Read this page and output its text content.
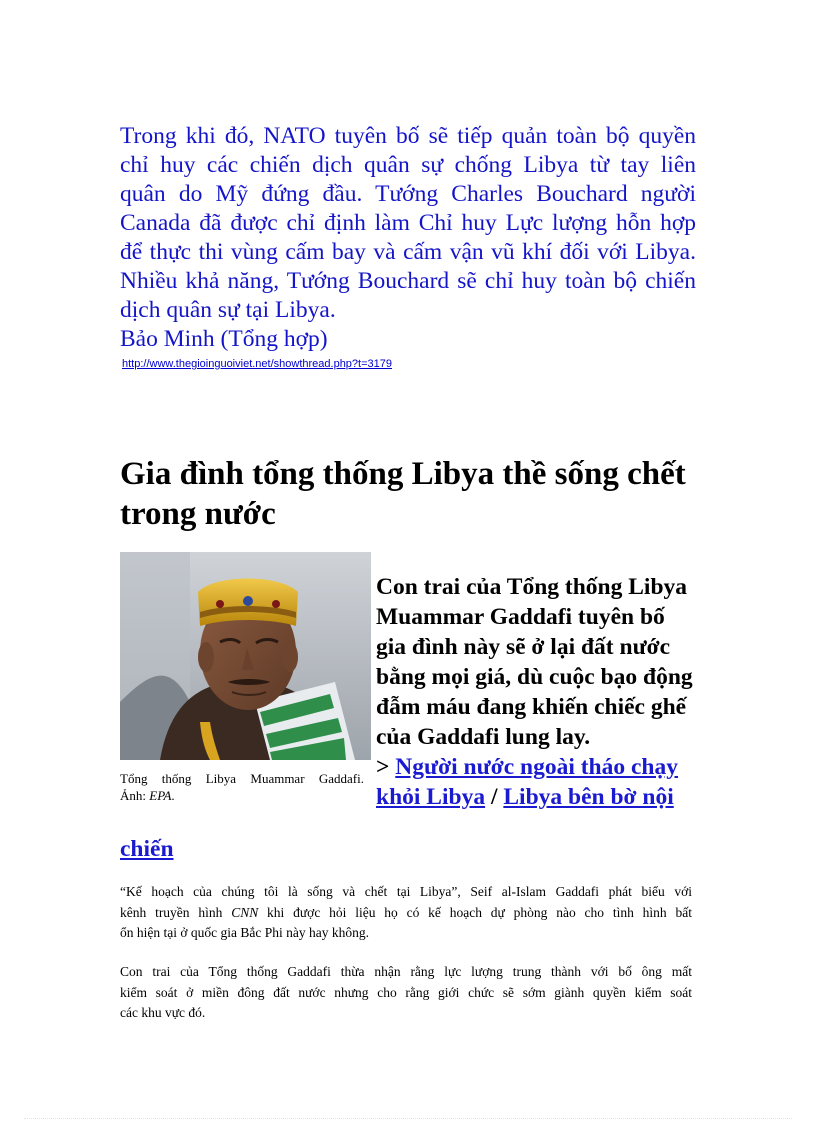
Trong khi đó, NATO tuyên bố sẽ tiếp quản toàn bộ quyền
chỉ huy các chiến dịch quân sự chống Libya từ tay liên
quân do Mỹ đứng đầu. Tướng Charles Bouchard người
Canada đã được chỉ định làm Chỉ huy Lực lượng hỗn hợp
để thực thi vùng cấm bay và cấm vận vũ khí đối với Libya.
Nhiều khả năng, Tướng Bouchard sẽ chỉ huy toàn bộ chiến
dịch quân sự tại Libya.
Bảo Minh (Tổng hợp)
http://www.thegioinguoiviet.net/showthread.php?t=3179
Gia đình tổng thống Libya thề sống chết trong nước
Tổng thống Libya Muammar Gaddafi.
Ảnh: EPA.
Con trai của Tổng thống Libya Muammar Gaddafi tuyên bố gia đình này sẽ ở lại đất nước bằng mọi giá, dù cuộc bạo động đẫm máu đang khiến chiếc ghế của Gaddafi lung lay.
> Người nước ngoài tháo chạy khỏi Libya / Libya bên bờ nội
chiến
“Kế hoạch của chúng tôi là sống và chết tại Libya”, Seif al-Islam Gaddafi phát biểu với
kênh truyền hình CNN khi được hỏi liệu họ có kế hoạch dự phòng nào cho tình hình bất
ổn hiện tại ở quốc gia Bắc Phi này hay không.
Con trai của Tổng thống Gaddafi thừa nhận rằng lực lượng trung thành với bố ông mất
kiểm soát ở miền đông đất nước nhưng cho rằng giới chức sẽ sớm giành quyền kiểm soát
các khu vực đó.
